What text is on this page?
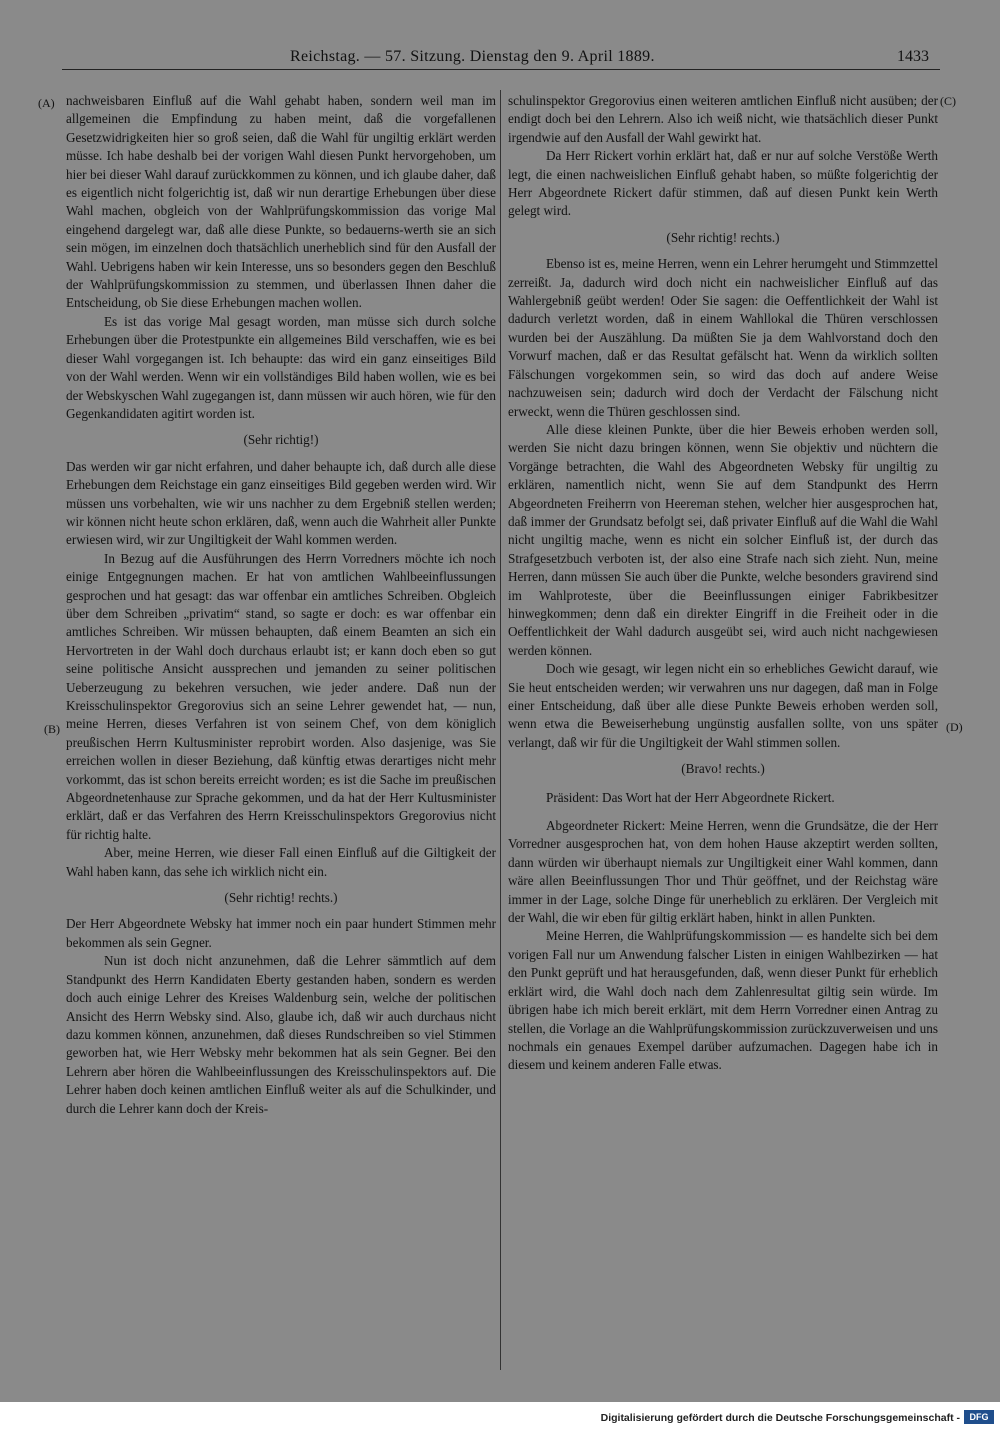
Reichstag. — 57. Sitzung. Dienstag den 9. April 1889.	1433
(A)
(B)
(C)
(D)

nachweisbaren Einfluß auf die Wahl gehabt haben, sondern weil man im allgemeinen die Empfindung zu haben meint, daß die vorgefallenen Gesetzwidrigkeiten hier so groß seien, daß die Wahl für ungiltig erklärt werden müsse. Ich habe deshalb bei der vorigen Wahl diesen Punkt hervorgehoben, um hier bei dieser Wahl darauf zurückkommen zu können, und ich glaube daher, daß es eigentlich nicht folgerichtig ist, daß wir nun derartige Erhebungen über diese Wahl machen, obgleich von der Wahlprüfungskommission das vorige Mal eingehend dargelegt war, daß alle diese Punkte, so bedauerns-werth sie an sich sein mögen, im einzelnen doch thatsächlich unerheblich sind für den Ausfall der Wahl. Uebrigens haben wir kein Interesse, uns so besonders gegen den Beschluß der Wahlprüfungskommission zu stemmen, und überlassen Ihnen daher die Entscheidung, ob Sie diese Erhebungen machen wollen.

Es ist das vorige Mal gesagt worden, man müsse sich durch solche Erhebungen über die Protestpunkte ein allgemeines Bild verschaffen, wie es bei dieser Wahl vorgegangen ist. Ich behaupte: das wird ein ganz einseitiges Bild von der Wahl werden. Wenn wir ein vollständiges Bild haben wollen, wie es bei der Webskyschen Wahl zugegangen ist, dann müssen wir auch hören, wie für den Gegenkandidaten agitirt worden ist.

(Sehr richtig!)

Das werden wir gar nicht erfahren, und daher behaupte ich, daß durch alle diese Erhebungen dem Reichstage ein ganz einseitiges Bild gegeben werden wird. Wir müssen uns vorbehalten, wie wir uns nachher zu dem Ergebniß stellen werden; wir können nicht heute schon erklären, daß, wenn auch die Wahrheit aller Punkte erwiesen wird, wir zur Ungiltigkeit der Wahl kommen werden.

In Bezug auf die Ausführungen des Herrn Vorredners möchte ich noch einige Entgegnungen machen. Er hat von amtlichen Wahlbeeinflussungen gesprochen und hat gesagt: das war offenbar ein amtliches Schreiben. Obgleich über dem Schreiben „privatim“ stand, so sagte er doch: es war offenbar ein amtliches Schreiben. Wir müssen behaupten, daß einem Beamten an sich ein Hervortreten in der Wahl doch durchaus erlaubt ist; er kann doch eben so gut seine politische Ansicht aussprechen und jemanden zu seiner politischen Ueberzeugung zu bekehren versuchen, wie jeder andere. Daß nun der Kreisschulinspektor Gregorovius sich an seine Lehrer gewendet hat, — nun, meine Herren, dieses Verfahren ist von seinem Chef, von dem königlich preußischen Herrn Kultusminister reprobirt worden. Also dasjenige, was Sie erreichen wollen in dieser Beziehung, daß künftig etwas derartiges nicht mehr vorkommt, das ist schon bereits erreicht worden; es ist die Sache im preußischen Abgeordnetenhause zur Sprache gekommen, und da hat der Herr Kultusminister erklärt, daß er das Verfahren des Herrn Kreisschulinspektors Gregorovius nicht für richtig halte.

Aber, meine Herren, wie dieser Fall einen Einfluß auf die Giltigkeit der Wahl haben kann, das sehe ich wirklich nicht ein.

(Sehr richtig! rechts.)

Der Herr Abgeordnete Websky hat immer noch ein paar hundert Stimmen mehr bekommen als sein Gegner.

Nun ist doch nicht anzunehmen, daß die Lehrer sämmtlich auf dem Standpunkt des Herrn Kandidaten Eberty gestanden haben, sondern es werden doch auch einige Lehrer des Kreises Waldenburg sein, welche der politischen Ansicht des Herrn Websky sind. Also, glaube ich, daß wir auch durchaus nicht dazu kommen können, anzunehmen, daß dieses Rundschreiben so viel Stimmen geworben hat, wie Herr Websky mehr bekommen hat als sein Gegner. Bei den Lehrern aber hören die Wahlbeeinflussungen des Kreisschulinspektors auf. Die Lehrer haben doch keinen amtlichen Einfluß weiter als auf die Schulkinder, und durch die Lehrer kann doch der Kreis-

schulinspektor Gregorovius einen weiteren amtlichen Einfluß nicht ausüben; der endigt doch bei den Lehrern. Also ich weiß nicht, wie thatsächlich dieser Punkt irgendwie auf den Ausfall der Wahl gewirkt hat.

Da Herr Rickert vorhin erklärt hat, daß er nur auf solche Verstöße Werth legt, die einen nachweislichen Einfluß gehabt haben, so müßte folgerichtig der Herr Abgeordnete Rickert dafür stimmen, daß auf diesen Punkt kein Werth gelegt wird.

(Sehr richtig! rechts.)

Ebenso ist es, meine Herren, wenn ein Lehrer herumgeht und Stimmzettel zerreißt. Ja, dadurch wird doch nicht ein nachweislicher Einfluß auf das Wahlergebniß geübt werden! Oder Sie sagen: die Oeffentlichkeit der Wahl ist dadurch verletzt worden, daß in einem Wahllokal die Thüren verschlossen wurden bei der Auszählung. Da müßten Sie ja dem Wahlvorstand doch den Vorwurf machen, daß er das Resultat gefälscht hat. Wenn da wirklich sollten Fälschungen vorgekommen sein, so wird das doch auf andere Weise nachzuweisen sein; dadurch wird doch der Verdacht der Fälschung nicht erweckt, wenn die Thüren geschlossen sind.

Alle diese kleinen Punkte, über die hier Beweis erhoben werden soll, werden Sie nicht dazu bringen können, wenn Sie objektiv und nüchtern die Vorgänge betrachten, die Wahl des Abgeordneten Websky für ungiltig zu erklären, namentlich nicht, wenn Sie auf dem Standpunkt des Herrn Abgeordneten Freiherrn von Heereman stehen, welcher hier ausgesprochen hat, daß immer der Grundsatz befolgt sei, daß privater Einfluß auf die Wahl die Wahl nicht ungiltig mache, wenn es nicht ein solcher Einfluß ist, der durch das Strafgesetzbuch verboten ist, der also eine Strafe nach sich zieht. Nun, meine Herren, dann müssen Sie auch über die Punkte, welche besonders gravirend sind im Wahlproteste, über die Beeinflussungen einiger Fabrikbesitzer hinwegkommen; denn daß ein direkter Eingriff in die Freiheit oder in die Oeffentlichkeit der Wahl dadurch ausgeübt sei, wird auch nicht nachgewiesen werden können.

Doch wie gesagt, wir legen nicht ein so erhebliches Gewicht darauf, wie Sie heut entscheiden werden; wir verwahren uns nur dagegen, daß man in Folge einer Entscheidung, daß über alle diese Punkte Beweis erhoben werden soll, wenn etwa die Beweiserhebung ungünstig ausfallen sollte, von uns später verlangt, daß wir für die Ungiltigkeit der Wahl stimmen sollen.

(Bravo! rechts.)

Präsident: Das Wort hat der Herr Abgeordnete Rickert.

Abgeordneter Rickert: Meine Herren, wenn die Grundsätze, die der Herr Vorredner ausgesprochen hat, von dem hohen Hause akzeptirt werden sollten, dann würden wir überhaupt niemals zur Ungiltigkeit einer Wahl kommen, dann wäre allen Beeinflussungen Thor und Thür geöffnet, und der Reichstag wäre immer in der Lage, solche Dinge für unerheblich zu erklären. Der Vergleich mit der Wahl, die wir eben für giltig erklärt haben, hinkt in allen Punkten.

Meine Herren, die Wahlprüfungskommission — es handelte sich bei dem vorigen Fall nur um Anwendung falscher Listen in einigen Wahlbezirken — hat den Punkt geprüft und hat herausgefunden, daß, wenn dieser Punkt für erheblich erklärt wird, die Wahl doch nach dem Zahlenresultat giltig sein würde. Im übrigen habe ich mich bereit erklärt, mit dem Herrn Vorredner einen Antrag zu stellen, die Vorlage an die Wahlprüfungskommission zurückzuverweisen und uns nochmals ein genaues Exempel darüber aufzumachen. Dagegen habe ich in diesem und keinem anderen Falle etwas.

Digitalisierung gefördert durch die Deutsche Forschungsgemeinschaft -	DFG
